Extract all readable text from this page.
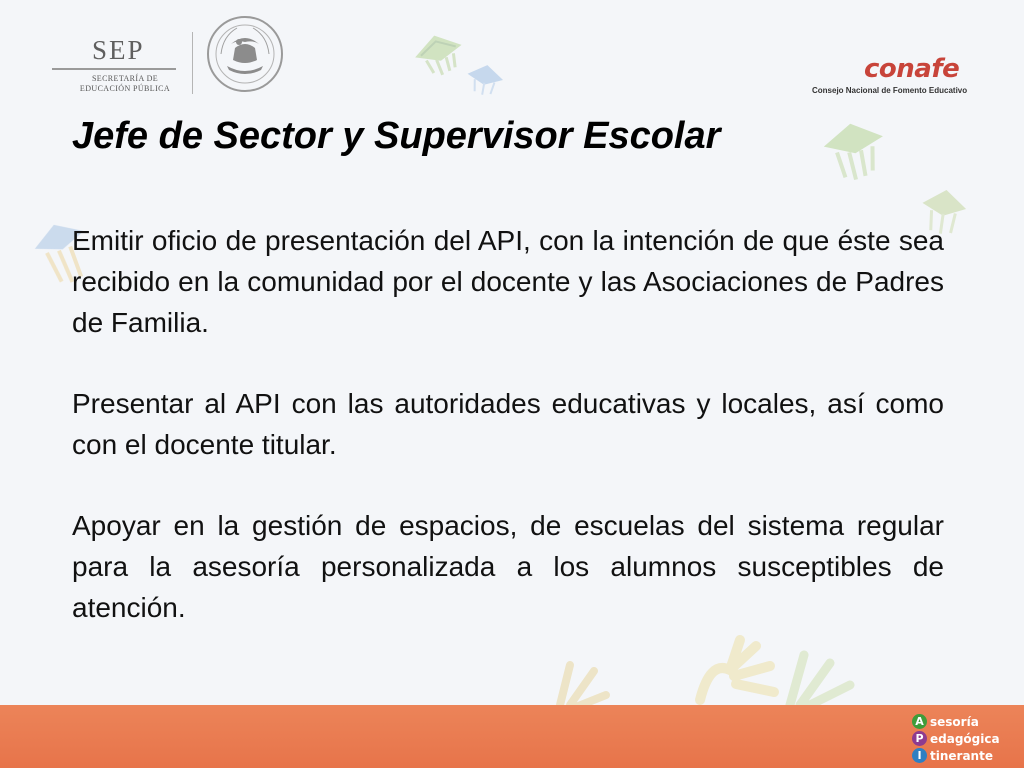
SEP
SECRETARÍA DE
EDUCACIÓN PÚBLICA
conafe
Consejo Nacional de Fomento Educativo
Jefe de Sector y Supervisor Escolar

Emitir oficio de presentación del API, con la intención de que éste sea recibido en la comunidad por el docente y las Asociaciones de Padres de Familia.

Presentar al API con las autoridades educativas y locales, así como con el docente titular.

Apoyar en la gestión de espacios, de escuelas del sistema regular para la asesoría personalizada a los alumnos susceptibles de atención.

A sesoría
P edagógica
I tinerante
